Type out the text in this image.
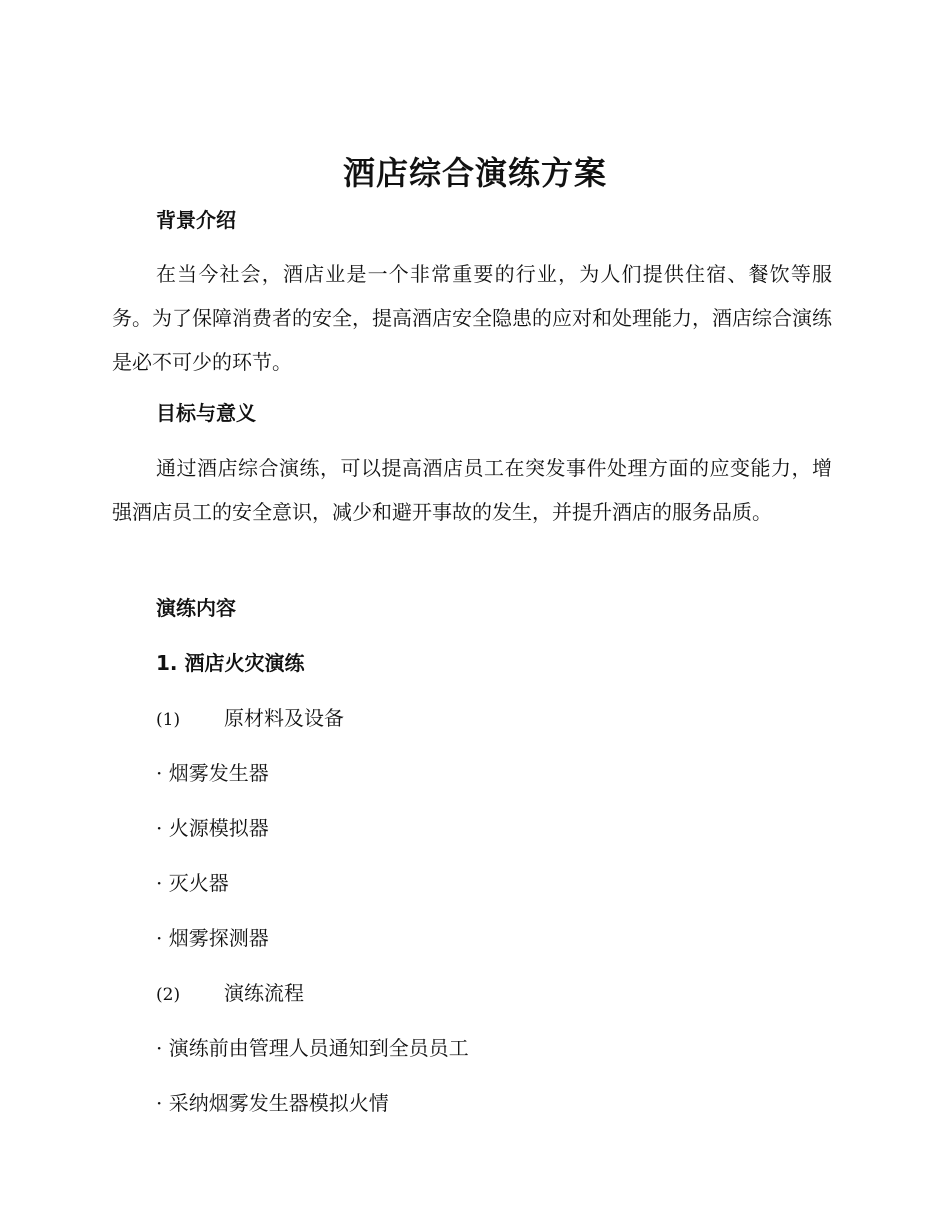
酒店综合演练方案
背景介绍
在当今社会，酒店业是一个非常重要的行业，为人们提供住宿、餐饮等服务。为了保障消费者的安全，提高酒店安全隐患的应对和处理能力，酒店综合演练是必不可少的环节。
目标与意义
通过酒店综合演练，可以提高酒店员工在突发事件处理方面的应变能力，增强酒店员工的安全意识，减少和避开事故的发生，并提升酒店的服务品质。
演练内容
1. 酒店火灾演练
(1) 原材料及设备
· 烟雾发生器
· 火源模拟器
· 灭火器
· 烟雾探测器
(2) 演练流程
· 演练前由管理人员通知到全员员工
· 采纳烟雾发生器模拟火情
